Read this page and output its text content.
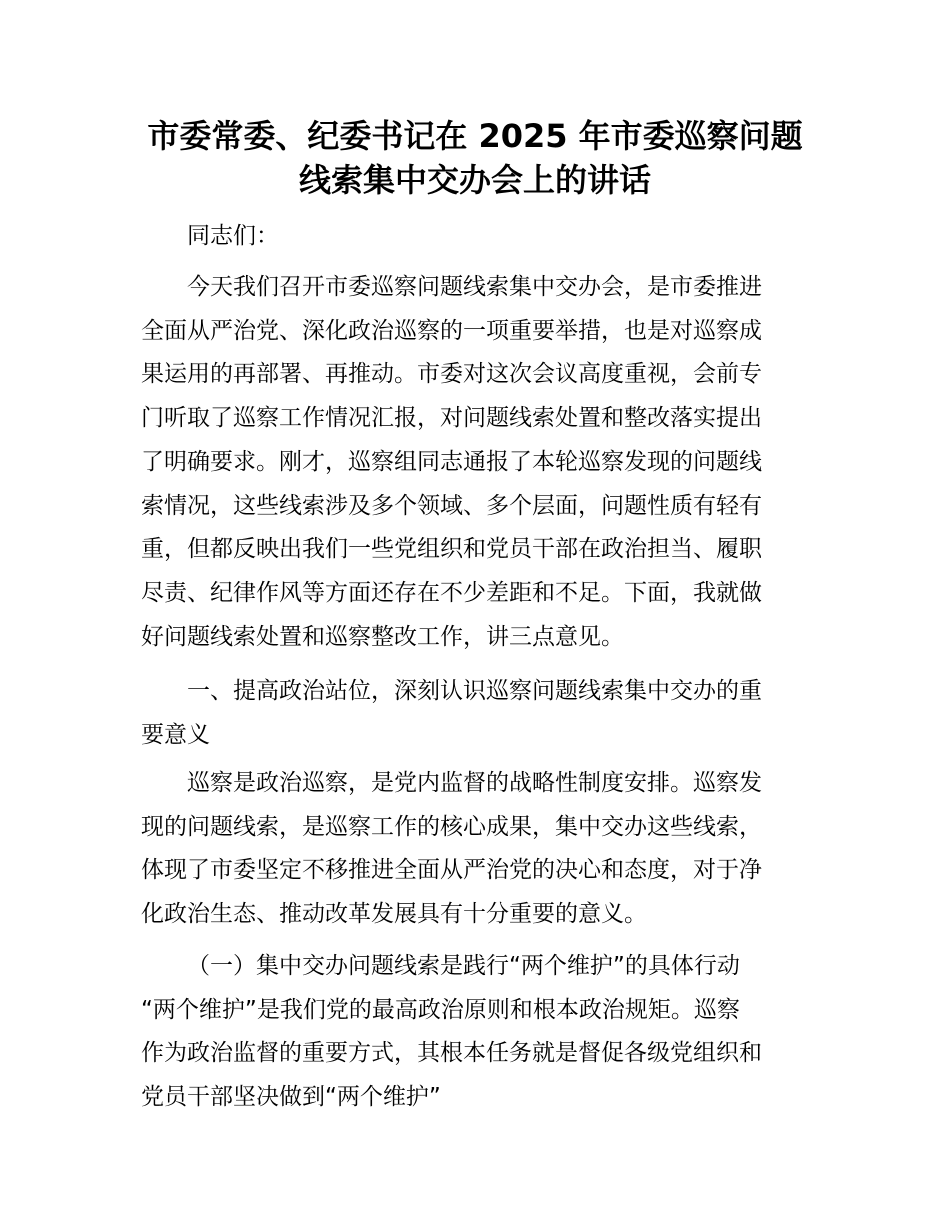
市委常委、纪委书记在 2025 年市委巡察问题

线索集中交办会上的讲话

同志们：

今天我们召开市委巡察问题线索集中交办会，是市委推进
全面从严治党、深化政治巡察的一项重要举措，也是对巡察成
果运用的再部署、再推动。市委对这次会议高度重视，会前专
门听取了巡察工作情况汇报，对问题线索处置和整改落实提出
了明确要求。刚才，巡察组同志通报了本轮巡察发现的问题线
索情况，这些线索涉及多个领域、多个层面，问题性质有轻有
重，但都反映出我们一些党组织和党员干部在政治担当、履职
尽责、纪律作风等方面还存在不少差距和不足。下面，我就做
好问题线索处置和巡察整改工作，讲三点意见。
一、提高政治站位，深刻认识巡察问题线索集中交办的重
要意义
巡察是政治巡察，是党内监督的战略性制度安排。巡察发
现的问题线索，是巡察工作的核心成果，集中交办这些线索，
体现了市委坚定不移推进全面从严治党的决心和态度，对于净
化政治生态、推动改革发展具有十分重要的意义。
（一）集中交办问题线索是践行“两个维护”的具体行动
“两个维护”是我们党的最高政治原则和根本政治规矩。巡察
作为政治监督的重要方式，其根本任务就是督促各级党组织和
党员干部坚决做到“两个维护”
